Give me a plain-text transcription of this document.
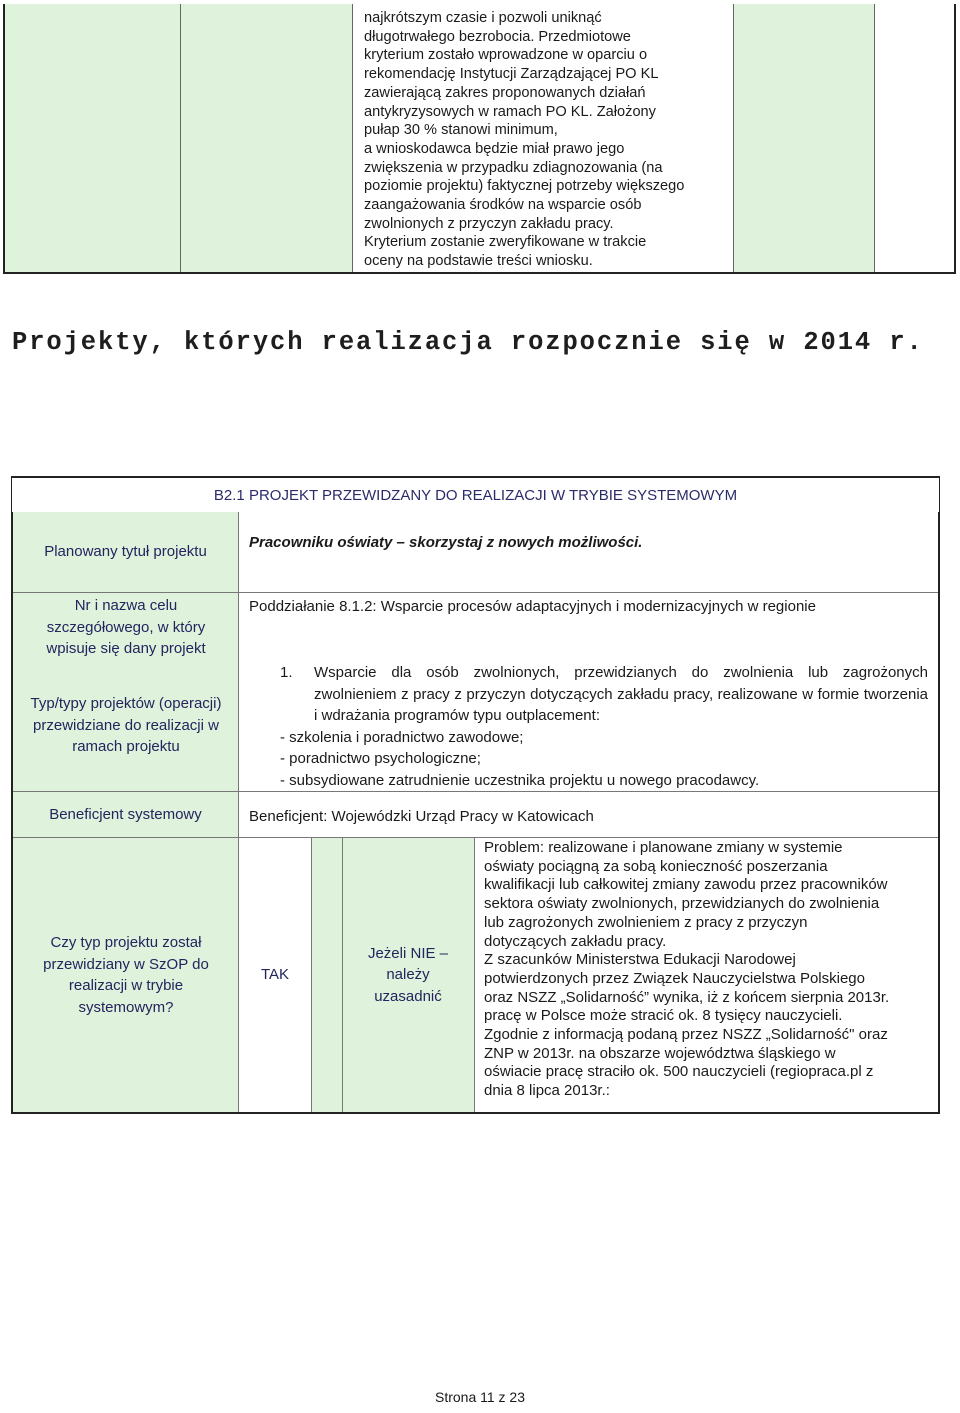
najkrótszym czasie i pozwoli uniknąć

długotrwałego bezrobocia. Przedmiotowe

kryterium zostało wprowadzone w oparciu o

rekomendację Instytucji Zarządzającej PO KL

zawierającą zakres proponowanych działań

antykryzysowych w ramach PO KL. Założony

pułap 30 % stanowi minimum,

a wnioskodawca będzie miał prawo jego

zwiększenia w przypadku zdiagnozowania (na

poziomie projektu) faktycznej potrzeby większego

zaangażowania środków na wsparcie osób

zwolnionych z przyczyn zakładu pracy.

Kryterium zostanie zweryfikowane w trakcie

oceny na podstawie treści wniosku.

Projekty, których realizacja rozpocznie się w 2014 r.
B2.1 PROJEKT PRZEWIDZANY DO REALIZACJI W TRYBIE SYSTEMOWYM
Planowany tytuł projektu
Pracowniku oświaty – skorzystaj z nowych możliwości.
Nr i nazwa celu szczegółowego, w który wpisuje się dany projekt
Typ/typy projektów (operacji) przewidziane do realizacji w ramach projektu
Poddziałanie 8.1.2: Wsparcie procesów adaptacyjnych i modernizacyjnych w regionie
1.	Wsparcie dla osób zwolnionych, przewidzianych do zwolnienia lub zagrożonych zwolnieniem z pracy z przyczyn dotyczących zakładu pracy, realizowane w formie tworzenia i wdrażania programów typu outplacement:
- szkolenia i poradnictwo zawodowe;
- poradnictwo psychologiczne;
- subsydiowane zatrudnienie uczestnika projektu u nowego pracodawcy.
Beneficjent systemowy	Beneficjent: Wojewódzki Urząd Pracy w Katowicach
Czy typ projektu został przewidziany w SzOP do realizacji w trybie systemowym?
TAK
Jeżeli NIE – należy uzasadnić

Problem: realizowane i planowane zmiany w systemie

oświaty pociągną za sobą konieczność poszerzania

kwalifikacji lub całkowitej zmiany zawodu przez pracowników

sektora oświaty zwolnionych, przewidzianych do zwolnienia

lub zagrożonych zwolnieniem z pracy z przyczyn

dotyczących zakładu pracy.

Z szacunków Ministerstwa Edukacji Narodowej

potwierdzonych przez Związek Nauczycielstwa Polskiego

oraz NSZZ „Solidarność” wynika, iż z końcem sierpnia 2013r.

pracę w Polsce może stracić ok. 8 tysięcy nauczycieli.

Zgodnie z informacją podaną przez NSZZ „Solidarność" oraz

ZNP w 2013r. na obszarze województwa śląskiego w

oświacie pracę straciło ok. 500 nauczycieli (regiopraca.pl z

dnia 8 lipca 2013r.:

Strona 11 z 23
